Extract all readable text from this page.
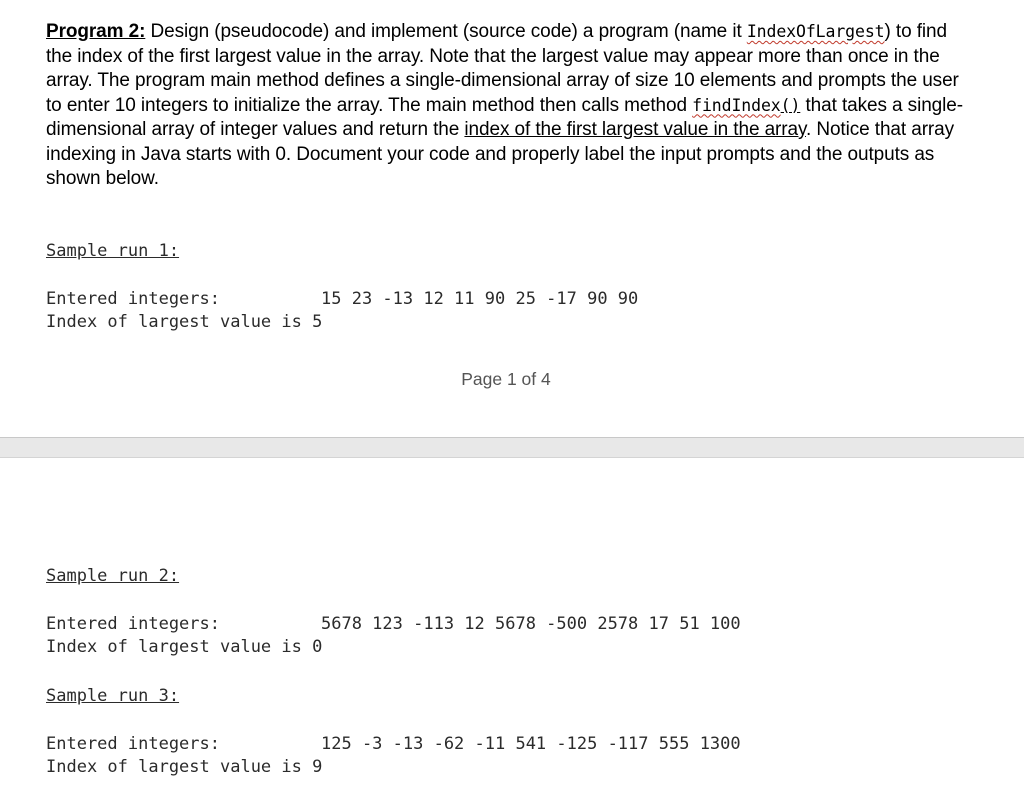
Program 2: Design (pseudocode) and implement (source code) a program (name it IndexOfLargest) to find the index of the first largest value in the array. Note that the largest value may appear more than once in the array. The program main method defines a single-dimensional array of size 10 elements and prompts the user to enter 10 integers to initialize the array. The main method then calls method findIndex() that takes a single-dimensional array of integer values and return the index of the first largest value in the array. Notice that array indexing in Java starts with 0. Document your code and properly label the input prompts and the outputs as shown below.
Sample run 1:
Entered integers:	15 23 -13 12 11 90 25 -17 90 90
Index of largest value is 5
Page 1 of 4
Sample run 2:
Entered integers:	5678 123 -113 12 5678 -500 2578 17 51 100
Index of largest value is 0
Sample run 3:
Entered integers:	125 -3 -13 -62 -11 541 -125 -117 555 1300
Index of largest value is 9
